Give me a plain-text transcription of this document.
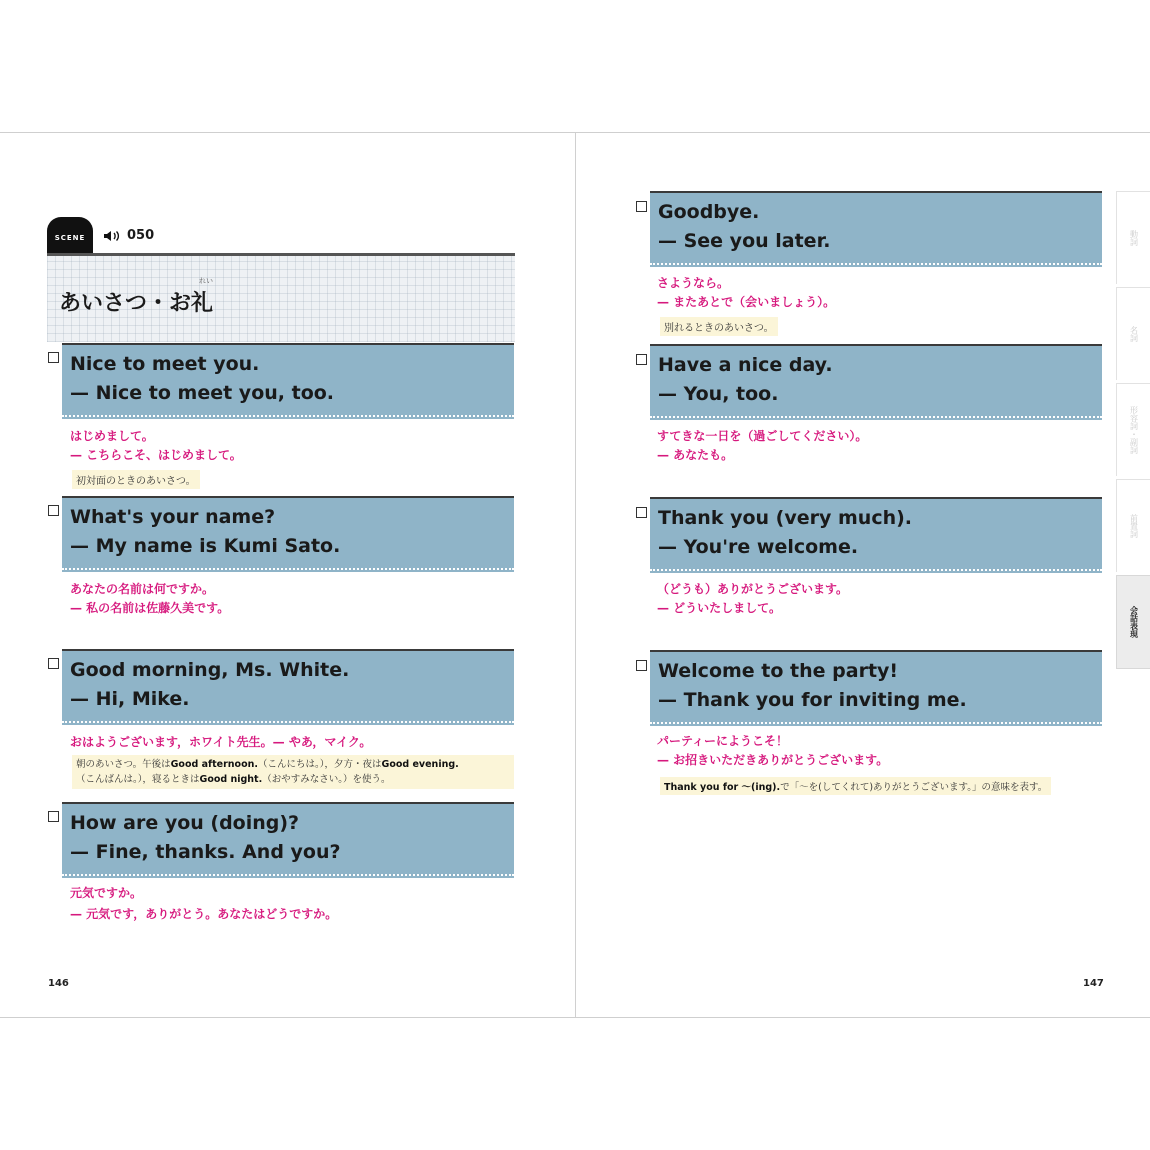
SCENE	050
れい
あいさつ・お礼
Nice to meet you.
— Nice to meet you, too.
はじめまして。
— こちらこそ、はじめまして。
初対面のときのあいさつ。
What's your name?
— My name is Kumi Sato.
あなたの名前は何ですか。
— 私の名前は佐藤久美です。
Good morning, Ms. White.
— Hi, Mike.
おはようございます，ホワイト先生。— やあ，マイク。
朝のあいさつ。午後はGood afternoon.（こんにちは。），夕方・夜はGood evening.
（こんばんは。），寝るときはGood night.（おやすみなさい。）を使う。
How are you (doing)?
— Fine, thanks. And you?
元気ですか。
— 元気です，ありがとう。あなたはどうですか。
146
Goodbye.
— See you later.
さようなら。
— またあとで（会いましょう）。
別れるときのあいさつ。
Have a nice day.
— You, too.
すてきな一日を（過ごしてください）。
— あなたも。
Thank you (very much).
— You're welcome.
（どうも）ありがとうございます。
— どういたしまして。
Welcome to the party!
— Thank you for inviting me.
パーティーにようこそ！
— お招きいただきありがとうございます。
Thank you for ～(ing).で「～を(してくれて)ありがとうございます。」の意味を表す。
147
動詞
名詞
形容詞・副詞
前置詞
会話表現
